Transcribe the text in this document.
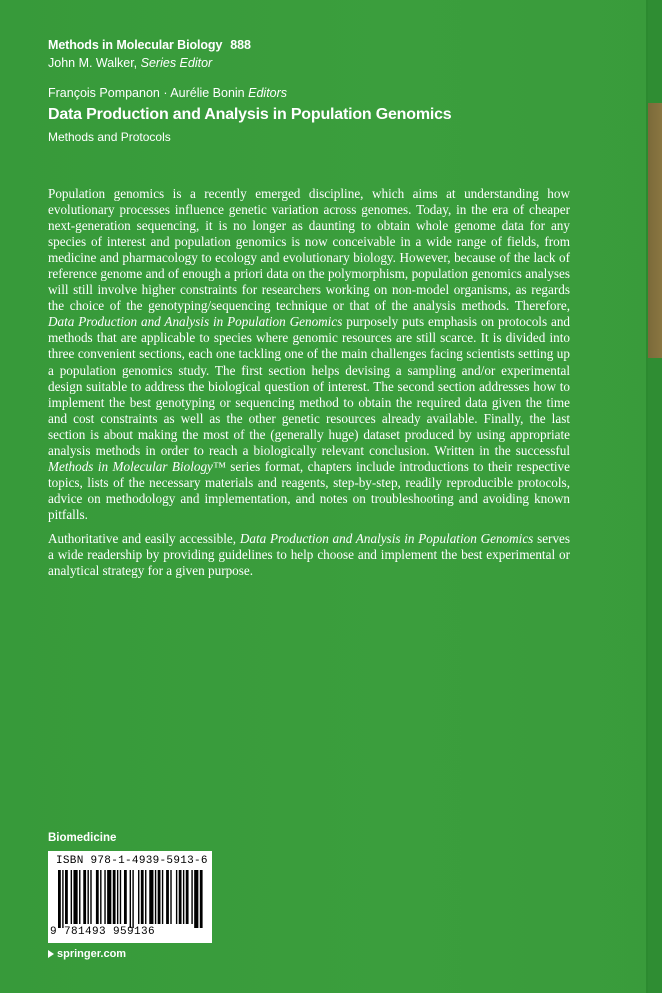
Methods in Molecular Biology 888
John M. Walker, Series Editor
François Pompanon · Aurélie Bonin Editors
Data Production and Analysis in Population Genomics
Methods and Protocols

Population genomics is a recently emerged discipline, which aims at understanding how evolutionary processes influence genetic variation across genomes. Today, in the era of cheaper next-generation sequencing, it is no longer as daunting to obtain whole genome data for any species of interest and population genomics is now conceivable in a wide range of fields, from medicine and pharmacology to ecology and evolutionary biology. However, because of the lack of reference genome and of enough a priori data on the polymorphism, population genomics analyses will still involve higher constraints for researchers working on non-model organisms, as regards the choice of the genotyping/sequencing technique or that of the analysis methods. Therefore, Data Production and Analysis in Population Genomics purposely puts emphasis on protocols and methods that are applicable to species where genomic resources are still scarce. It is divided into three convenient sections, each one tackling one of the main challenges facing scientists setting up a population genomics study. The first section helps devising a sampling and/or experimental design suitable to address the biological question of interest. The second section addresses how to implement the best genotyping or sequencing method to obtain the required data given the time and cost constraints as well as the other genetic resources already available. Finally, the last section is about making the most of the (generally huge) dataset produced by using appropriate analysis methods in order to reach a biologically relevant conclusion. Written in the successful Methods in Molecular Biology™ series format, chapters include introductions to their respective topics, lists of the necessary materials and reagents, step-by-step, readily reproducible protocols, advice on methodology and implementation, and notes on troubleshooting and avoiding known pitfalls.

Authoritative and easily accessible, Data Production and Analysis in Population Genomics serves a wide readership by providing guidelines to help choose and implement the best experimental or analytical strategy for a given purpose.

Biomedicine
ISBN 978-1-4939-5913-6
9 781493 959136
springer.com
